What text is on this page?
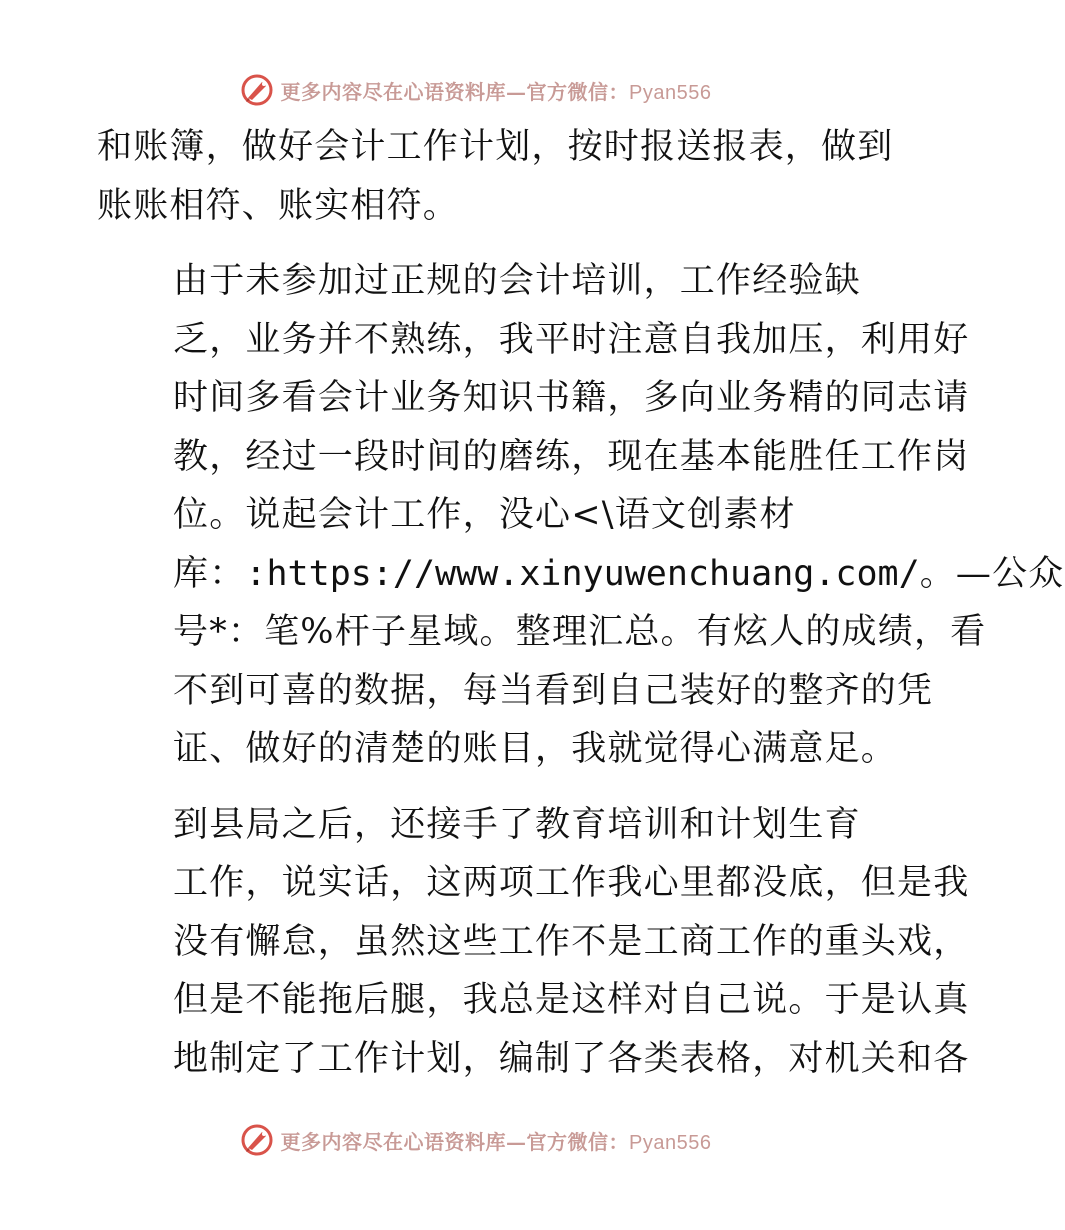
更多内容尽在心语资料库—官方微信：Pyan556

和账簿，做好会计工作计划，按时报送报表，做到
账账相符、账实相符。

由于未参加过正规的会计培训，工作经验缺
乏，业务并不熟练，我平时注意自我加压，利用好
时间多看会计业务知识书籍，多向业务精的同志请
教，经过一段时间的磨练，现在基本能胜任工作岗
位。说起会计工作，没心<\语文创素材
库：:https://www.xinyuwenchuang.com/。—公众
号*：笔%杆子星域。整理汇总。有炫人的成绩，看
不到可喜的数据，每当看到自己装好的整齐的凭
证、做好的清楚的账目，我就觉得心满意足。

到县局之后，还接手了教育培训和计划生育
工作，说实话，这两项工作我心里都没底，但是我
没有懈怠，虽然这些工作不是工商工作的重头戏，
但是不能拖后腿，我总是这样对自己说。于是认真
地制定了工作计划，编制了各类表格，对机关和各

更多内容尽在心语资料库—官方微信：Pyan556
